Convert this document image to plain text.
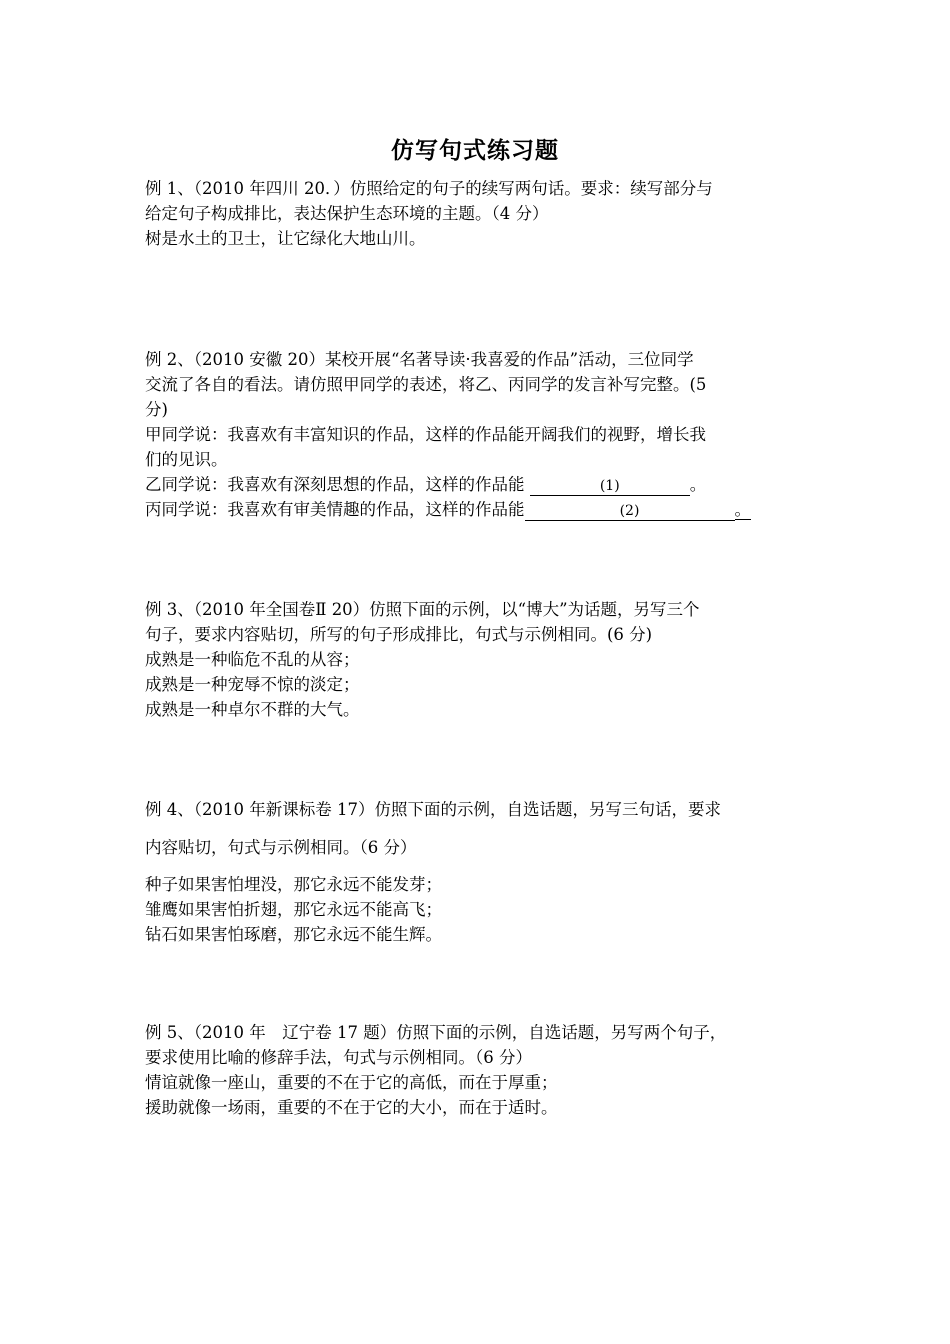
仿写句式练习题

例 1、（2010 年四川 20．）仿照给定的句子的续写两句话。要求：续写部分与

给定句子构成排比，表达保护生态环境的主题。（4 分）

树是水土的卫士，让它绿化大地山川。

例 2、（2010 安徽 20）某校开展“名著导读·我喜爱的作品”活动，三位同学

交流了各自的看法。请仿照甲同学的表述，将乙、丙同学的发言补写完整。(5

分)

甲同学说：我喜欢有丰富知识的作品，这样的作品能开阔我们的视野，增长我

们的见识。

乙同学说：我喜欢有深刻思想的作品，这样的作品能	(1)	。

丙同学说：我喜欢有审美情趣的作品，这样的作品能	(2)	。

例 3、（2010 年全国卷Ⅱ 20）仿照下面的示例，以“博大”为话题，另写三个

句子，要求内容贴切，所写的句子形成排比，句式与示例相同。(6 分)

成熟是一种临危不乱的从容；

成熟是一种宠辱不惊的淡定；

成熟是一种卓尔不群的大气。

例 4、（2010 年新课标卷 17）仿照下面的示例，自选话题，另写三句话，要求

内容贴切，句式与示例相同。（6 分）

种子如果害怕埋没，那它永远不能发芽；

雏鹰如果害怕折翅，那它永远不能高飞；

钻石如果害怕琢磨，那它永远不能生辉。

例 5、（2010 年　辽宁卷 17 题）仿照下面的示例，自选话题，另写两个句子，

要求使用比喻的修辞手法，句式与示例相同。（6 分）

情谊就像一座山，重要的不在于它的高低，而在于厚重；

援助就像一场雨，重要的不在于它的大小，而在于适时。
